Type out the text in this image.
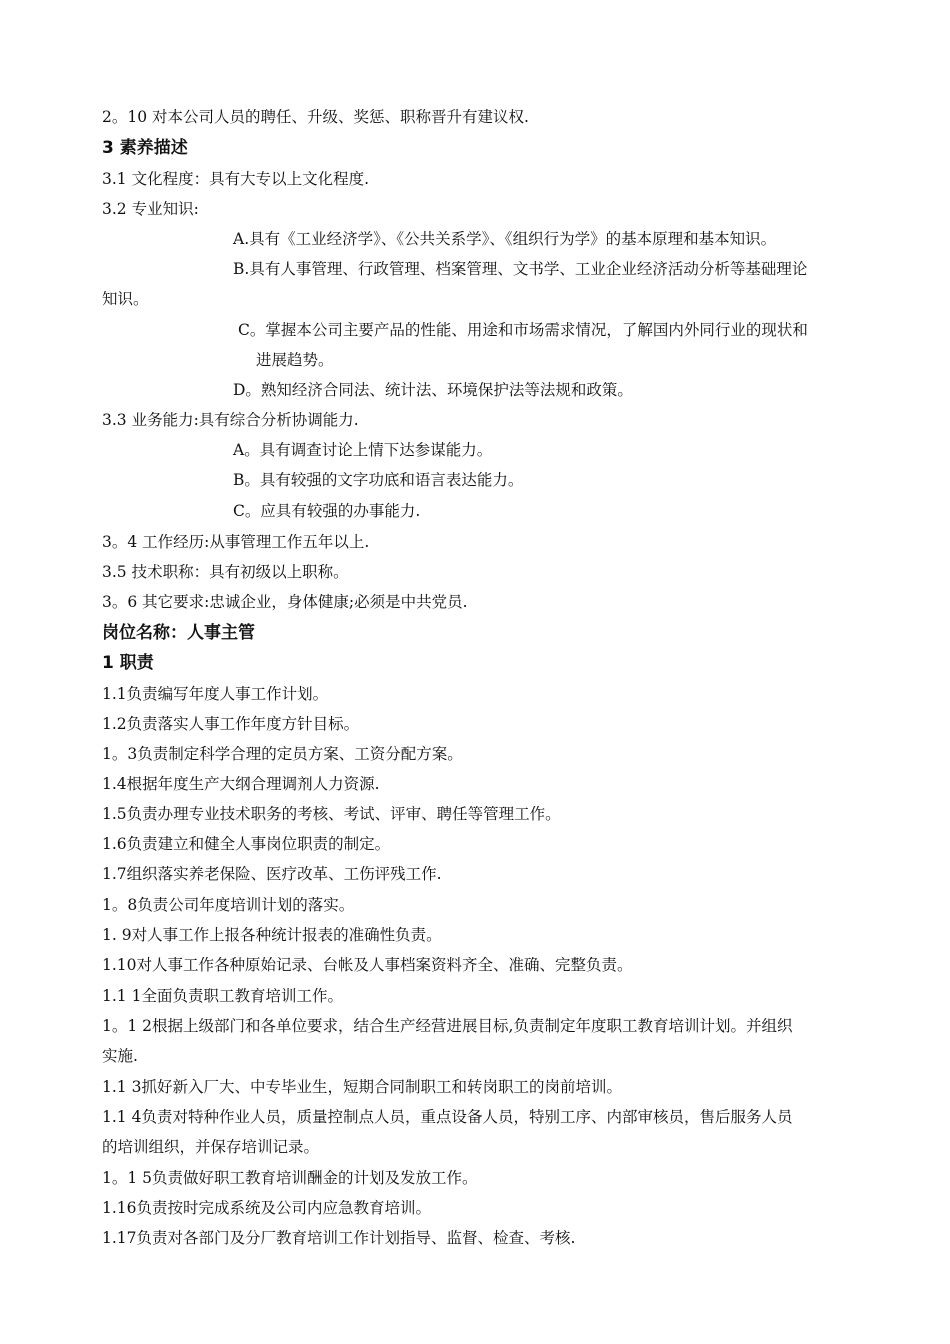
2。10 对本公司人员的聘任、升级、奖惩、职称晋升有建议权.
3 素养描述
3.1 文化程度：具有大专以上文化程度.
3.2 专业知识:
A.具有《工业经济学》、《公共关系学》、《组织行为学》的基本原理和基本知识。
B.具有人事管理、行政管理、档案管理、文书学、工业企业经济活动分析等基础理论
知识。
C。掌握本公司主要产品的性能、用途和市场需求情况，了解国内外同行业的现状和
进展趋势。
D。熟知经济合同法、统计法、环境保护法等法规和政策。
3.3 业务能力:具有综合分析协调能力.
A。具有调查讨论上情下达参谋能力。
B。具有较强的文字功底和语言表达能力。
C。应具有较强的办事能力.
3。4 工作经历:从事管理工作五年以上.
3.5 技术职称：具有初级以上职称。
3。6 其它要求:忠诚企业，身体健康;必须是中共党员.
岗位名称：人事主管
1 职责
1.1负责编写年度人事工作计划。
1.2负责落实人事工作年度方针目标。
1。3负责制定科学合理的定员方案、工资分配方案。
1.4根据年度生产大纲合理调剂人力资源.
1.5负责办理专业技术职务的考核、考试、评审、聘任等管理工作。
1.6负责建立和健全人事岗位职责的制定。
1.7组织落实养老保险、医疗改革、工伤评残工作.
1。8负责公司年度培训计划的落实。
1. 9对人事工作上报各种统计报表的准确性负责。
1.10对人事工作各种原始记录、台帐及人事档案资料齐全、准确、完整负责。
1.1 1全面负责职工教育培训工作。
1。1 2根据上级部门和各单位要求，结合生产经营进展目标,负责制定年度职工教育培训计划。并组织
实施.
1.1 3抓好新入厂大、中专毕业生，短期合同制职工和转岗职工的岗前培训。
1.1 4负责对特种作业人员，质量控制点人员，重点设备人员，特别工序、内部审核员，售后服务人员
的培训组织，并保存培训记录。
1。1 5负责做好职工教育培训酬金的计划及发放工作。
1.16负责按时完成系统及公司内应急教育培训。
1.17负责对各部门及分厂教育培训工作计划指导、监督、检查、考核.
